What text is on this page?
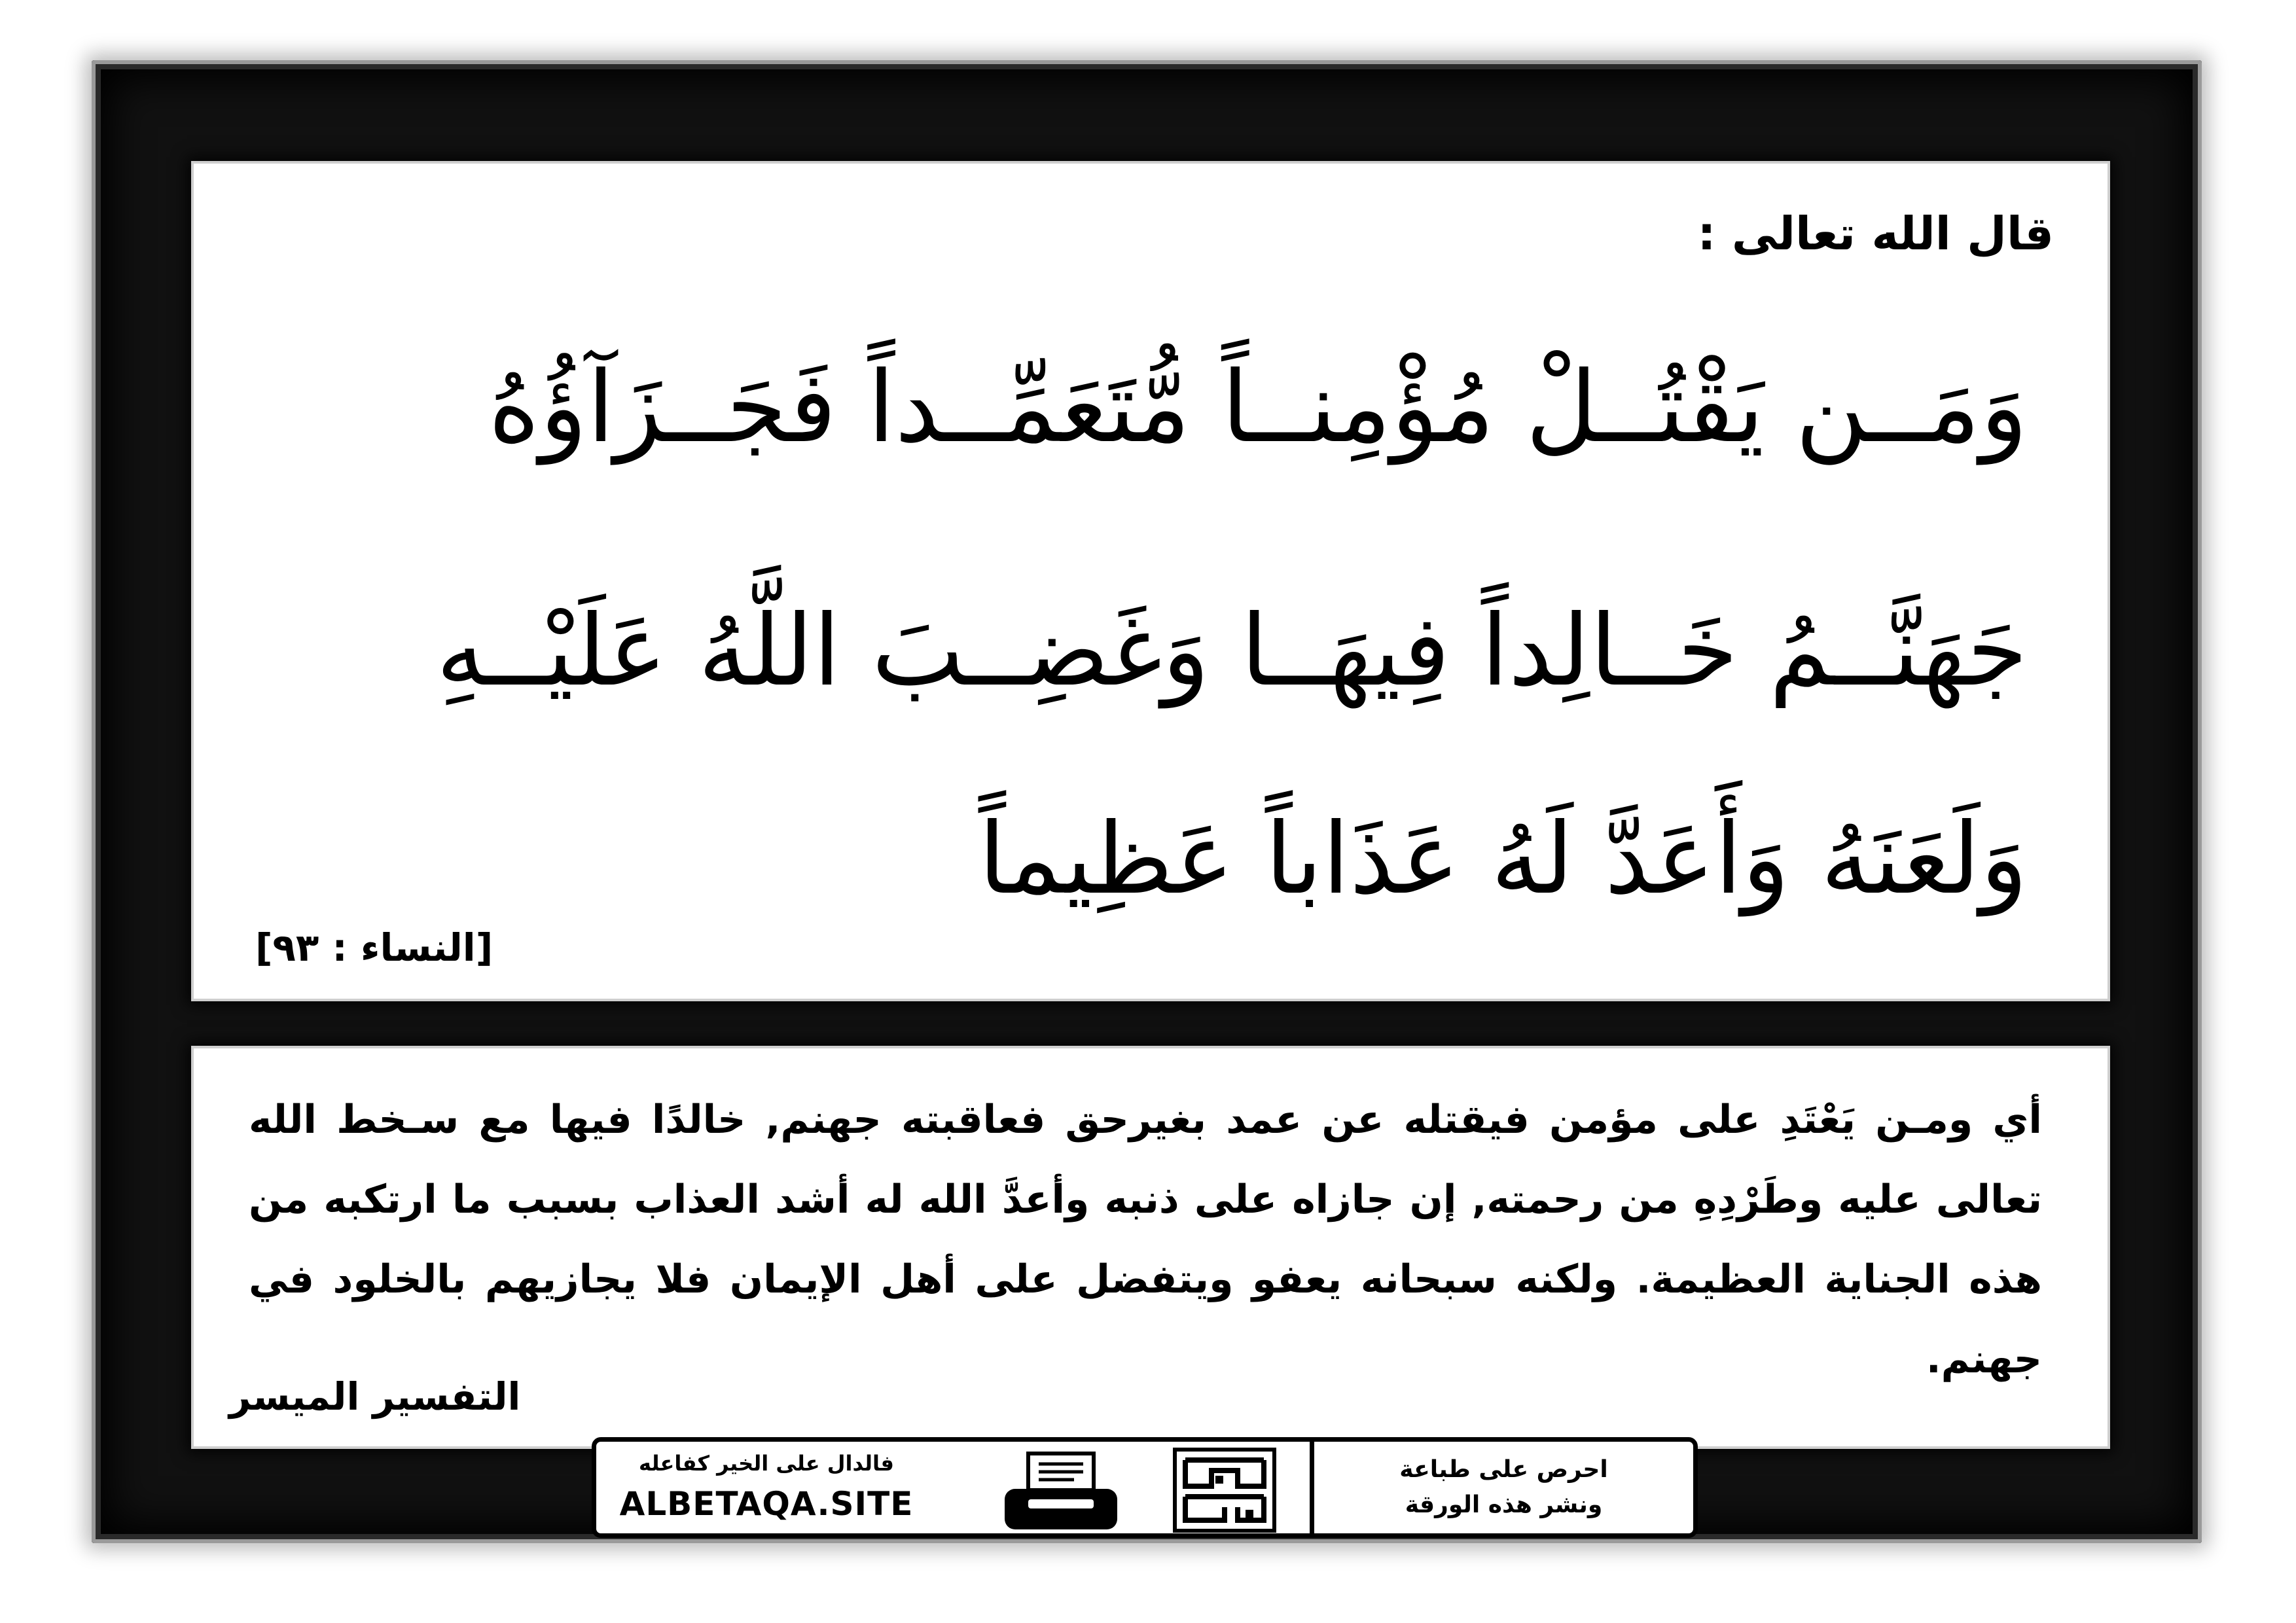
قال الله تعالى :
وَمَــن يَقْتُــلْ مُؤْمِنــاً مُّتَعَمِّــداً فَجَــزَآؤُهُ
جَهَنَّــمُ خَــالِداً فِيهَــا وَغَضِــبَ اللَّهُ عَلَيْــهِ
وَلَعَنَهُ وَأَعَدَّ لَهُ عَذَاباً عَظِيماً
[النساء : ٩٣]
أي ومـن يَعْتَدِ على مؤمن فيقتله عن عمد بغيرحق فعاقبته جهنم, خالدًا فيها مع سـخط الله تعالى عليه وطَرْدِهِ من رحمته, إن جازاه على ذنبه وأعدَّ الله له أشد العذاب بسبب ما ارتكبه من هذه الجناية العظيمة. ولكنه سبحانه يعفو ويتفضل على أهل الإيمان فلا يجازيهم بالخلود في جهنم.
التفسير الميسر
فالدال على الخير كفاعله
ALBETAQA.SITE
احرص على طباعة
ونشر هذه الورقة
